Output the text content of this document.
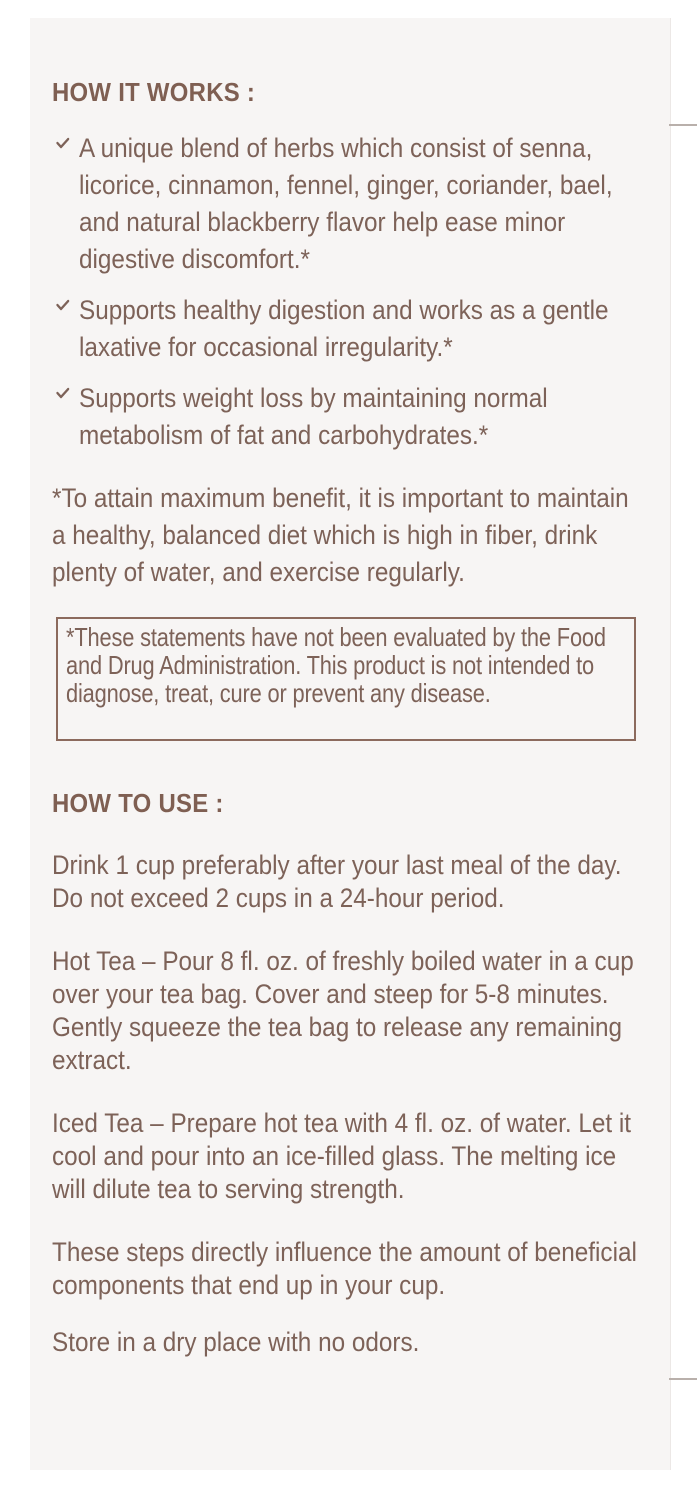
HOW IT WORKS :
A unique blend of herbs which consist of senna, licorice, cinnamon, fennel, ginger, coriander, bael, and natural blackberry flavor help ease minor digestive discomfort.*
Supports healthy digestion and works as a gentle laxative for occasional irregularity.*
Supports weight loss by maintaining normal metabolism of fat and carbohydrates.*
*To attain maximum benefit, it is important to maintain a healthy, balanced diet which is high in fiber, drink plenty of water, and exercise regularly.
*These statements have not been evaluated by the Food and Drug Administration. This product is not intended to diagnose, treat, cure or prevent any disease.
HOW TO USE :
Drink 1 cup preferably after your last meal of the day. Do not exceed 2 cups in a 24-hour period.
Hot Tea – Pour 8 fl. oz. of freshly boiled water in a cup over your tea bag. Cover and steep for 5-8 minutes. Gently squeeze the tea bag to release any remaining extract.
Iced Tea – Prepare hot tea with 4 fl. oz. of water. Let it cool and pour into an ice-filled glass. The melting ice will dilute tea to serving strength.
These steps directly influence the amount of beneficial components that end up in your cup.
Store in a dry place with no odors.
